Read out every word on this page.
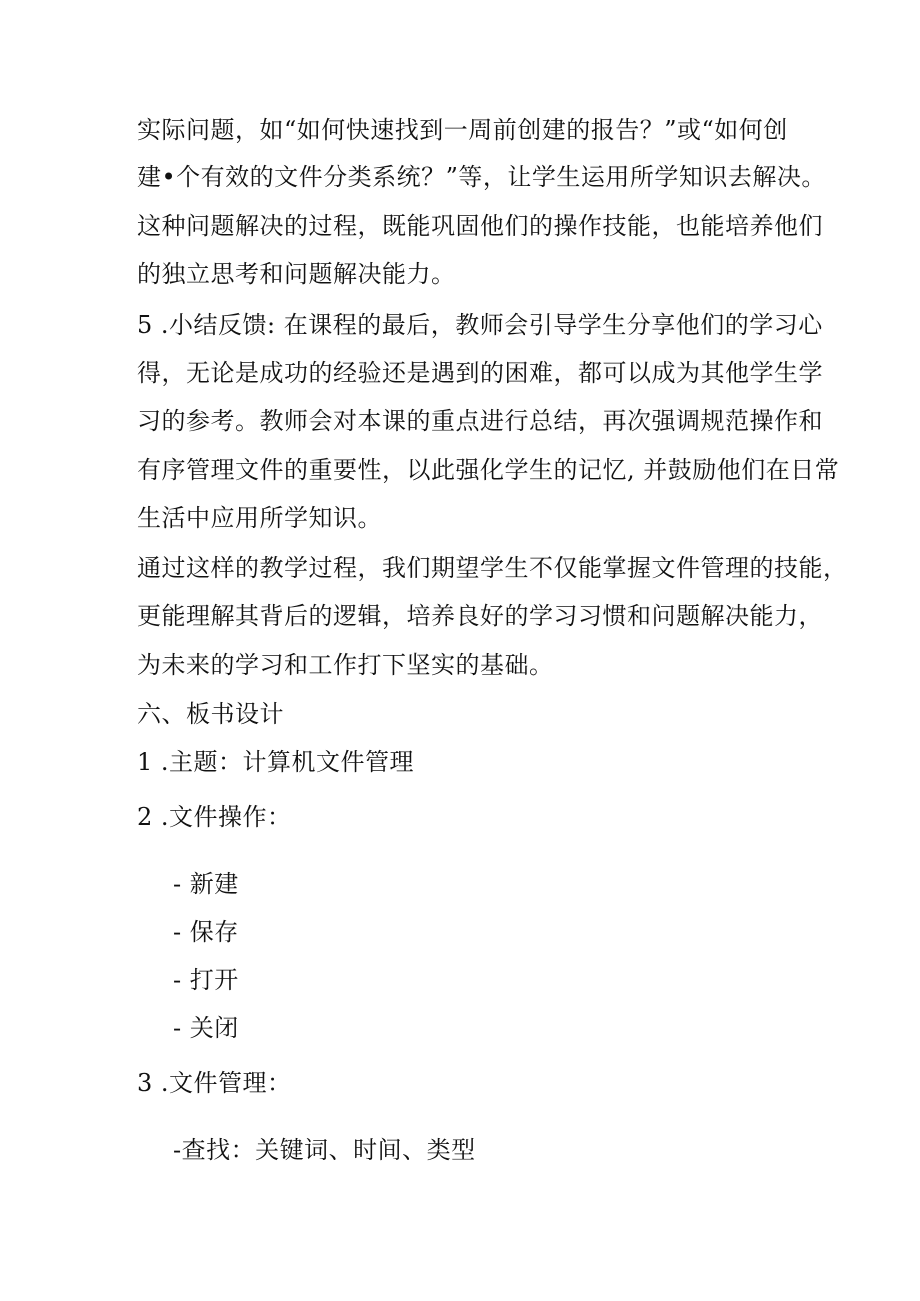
实际问题，如“如何快速找到一周前创建的报告？”或“如何创
建•个有效的文件分类系统？”等，让学生运用所学知识去解决。
这种问题解决的过程，既能巩固他们的操作技能，也能培养他们
的独立思考和问题解决能力。
5 .小结反馈: 在课程的最后，教师会引导学生分享他们的学习心
得，无论是成功的经验还是遇到的困难，都可以成为其他学生学
习的参考。教师会对本课的重点进行总结，再次强调规范操作和
有序管理文件的重要性，以此强化学生的记忆, 并鼓励他们在日常
生活中应用所学知识。
通过这样的教学过程，我们期望学生不仅能掌握文件管理的技能，
更能理解其背后的逻辑，培养良好的学习习惯和问题解决能力，
为未来的学习和工作打下坚实的基础。
六、板书设计
1 .主题：计算机文件管理
2 .文件操作：
- 新建
- 保存
- 打开
- 关闭
3 .文件管理：
-查找：关键词、时间、类型
